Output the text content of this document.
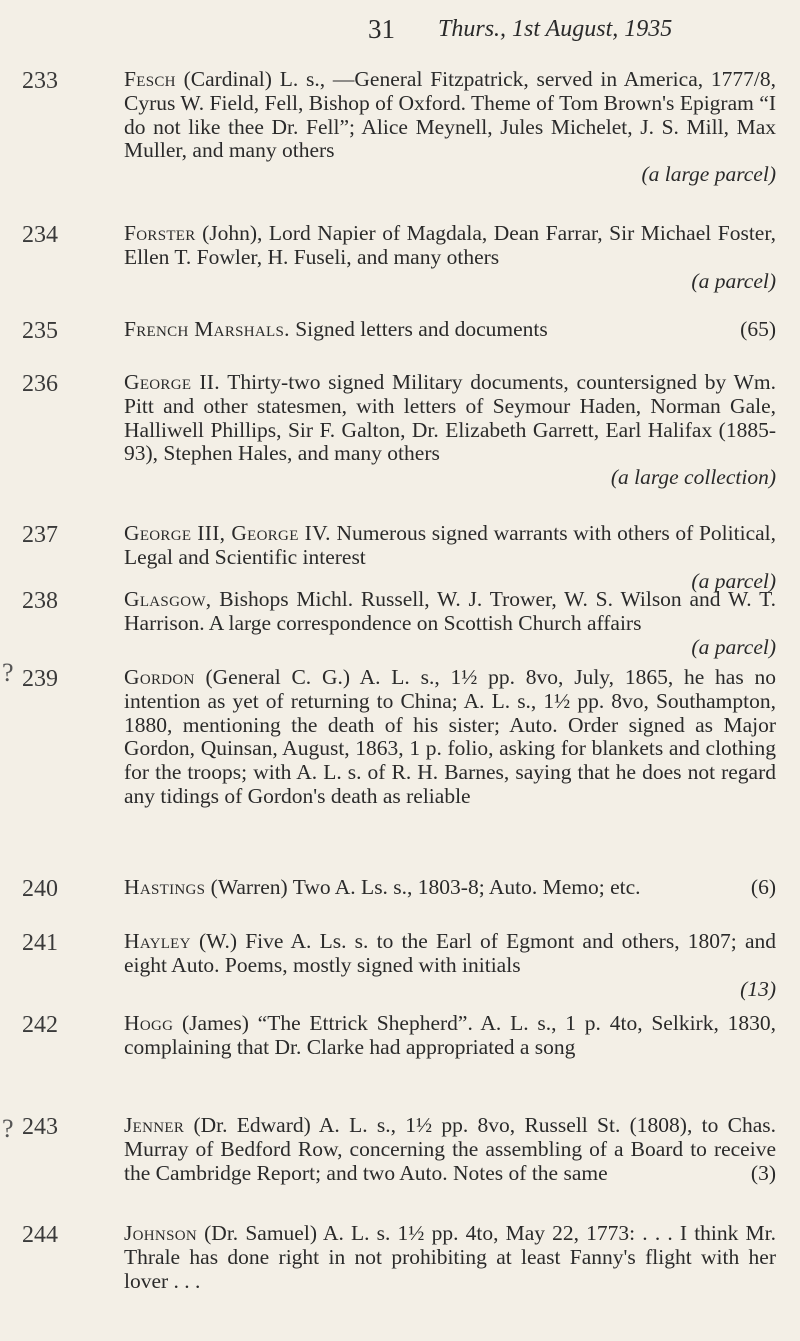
31 Thurs., 1st August, 1935
?
?
233	Fesch (Cardinal) L. s., —General Fitzpatrick, served in America, 1777/8, Cyrus W. Field, Fell, Bishop of Oxford. Theme of Tom Brown's Epigram “I do not like thee Dr. Fell”; Alice Meynell, Jules Michelet, J. S. Mill, Max Muller, and many others
(a large parcel)
234	Forster (John), Lord Napier of Magdala, Dean Farrar, Sir Michael Foster, Ellen T. Fowler, H. Fuseli, and many others
(a parcel)
235	French Marshals. Signed letters and documents	(65)
236	George II. Thirty-two signed Military documents, countersigned by Wm. Pitt and other statesmen, with letters of Seymour Haden, Norman Gale, Halliwell Phillips, Sir F. Galton, Dr. Elizabeth Garrett, Earl Halifax (1885-93), Stephen Hales, and many others
(a large collection)
237	George III, George IV. Numerous signed warrants with others of Political, Legal and Scientific interest
(a parcel)
238	Glasgow, Bishops Michl. Russell, W. J. Trower, W. S. Wilson and W. T. Harrison. A large correspondence on Scottish Church affairs
(a parcel)
239	Gordon (General C. G.) A. L. s., 1½ pp. 8vo, July, 1865, he has no intention as yet of returning to China; A. L. s., 1½ pp. 8vo, Southampton, 1880, mentioning the death of his sister; Auto. Order signed as Major Gordon, Quinsan, August, 1863, 1 p. folio, asking for blankets and clothing for the troops; with A. L. s. of R. H. Barnes, saying that he does not regard any tidings of Gordon's death as reliable
240	Hastings (Warren) Two A. Ls. s., 1803-8; Auto. Memo; etc.	(6)
241	Hayley (W.) Five A. Ls. s. to the Earl of Egmont and others, 1807; and eight Auto. Poems, mostly signed with initials
(13)
242	Hogg (James) “The Ettrick Shepherd”. A. L. s., 1 p. 4to, Selkirk, 1830, complaining that Dr. Clarke had appropriated a song
243	Jenner (Dr. Edward) A. L. s., 1½ pp. 8vo, Russell St. (1808), to Chas. Murray of Bedford Row, concerning the assembling of a Board to receive the Cambridge Report; and two Auto. Notes of the same	(3)
244	Johnson (Dr. Samuel) A. L. s. 1½ pp. 4to, May 22, 1773: . . . I think Mr. Thrale has done right in not prohibiting at least Fanny's flight with her lover . . .
